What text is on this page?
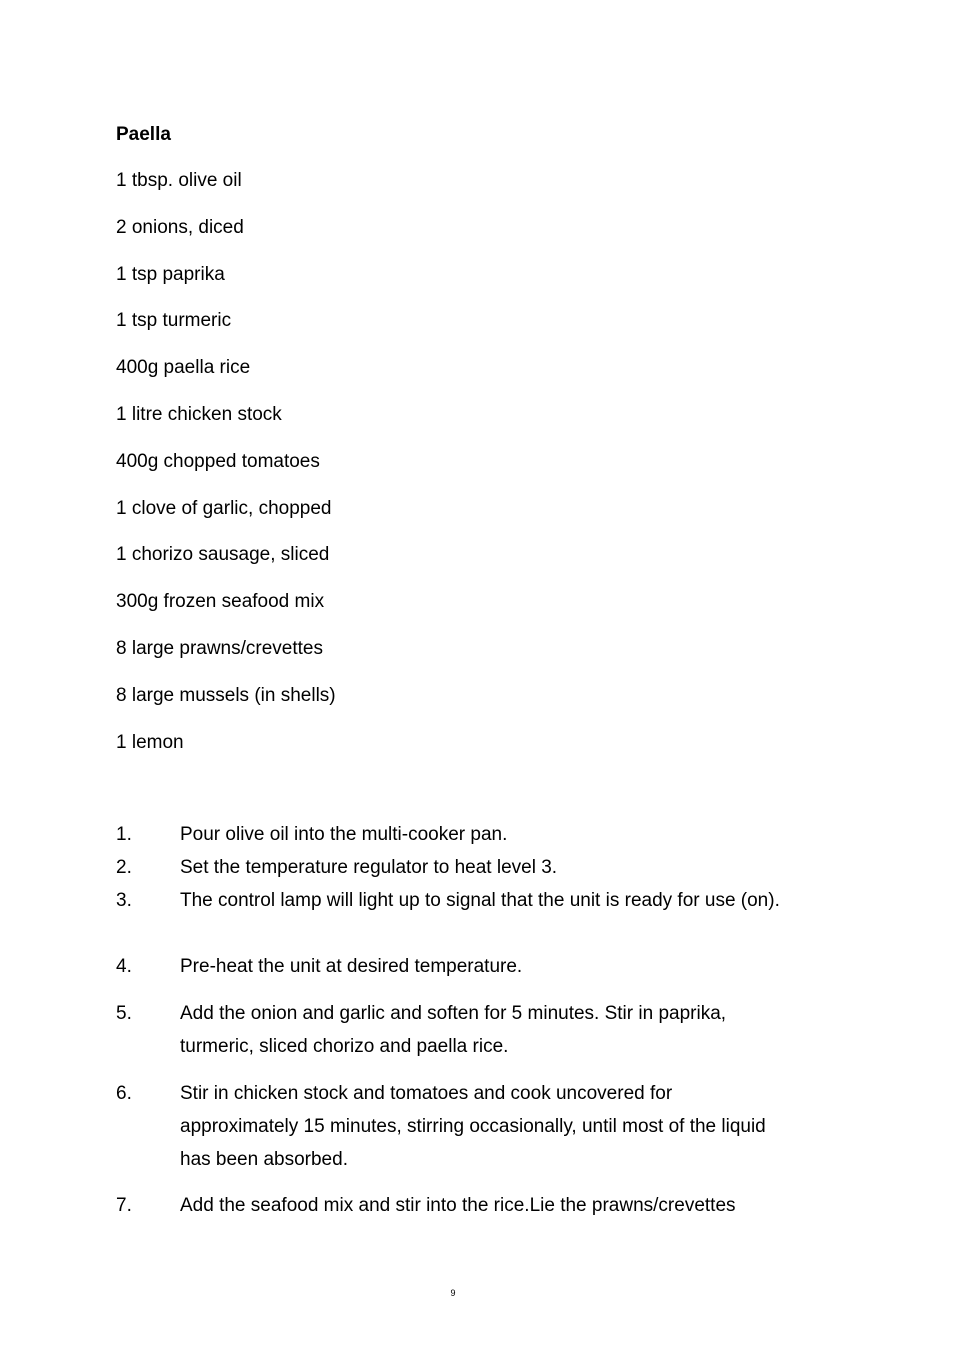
Paella
1 tbsp. olive oil
2 onions, diced
1 tsp paprika
1 tsp turmeric
400g paella rice
1 litre chicken stock
400g chopped tomatoes
1 clove of garlic, chopped
1 chorizo sausage, sliced
300g frozen seafood mix
8 large prawns/crevettes
8 large mussels (in shells)
1 lemon
1.	Pour olive oil into the multi-cooker pan.
2.	Set the temperature regulator to heat level 3.
3.	The control lamp will light up to signal that the unit is ready for use (on).
4.	Pre-heat the unit at desired temperature.
5.	Add the onion and garlic and soften for 5 minutes. Stir in paprika, turmeric, sliced chorizo and paella rice.
6.	Stir in chicken stock and tomatoes and cook uncovered for approximately 15 minutes, stirring occasionally, until most of the liquid has been absorbed.
7.	Add the seafood mix and stir into the rice.Lie the prawns/crevettes
9
